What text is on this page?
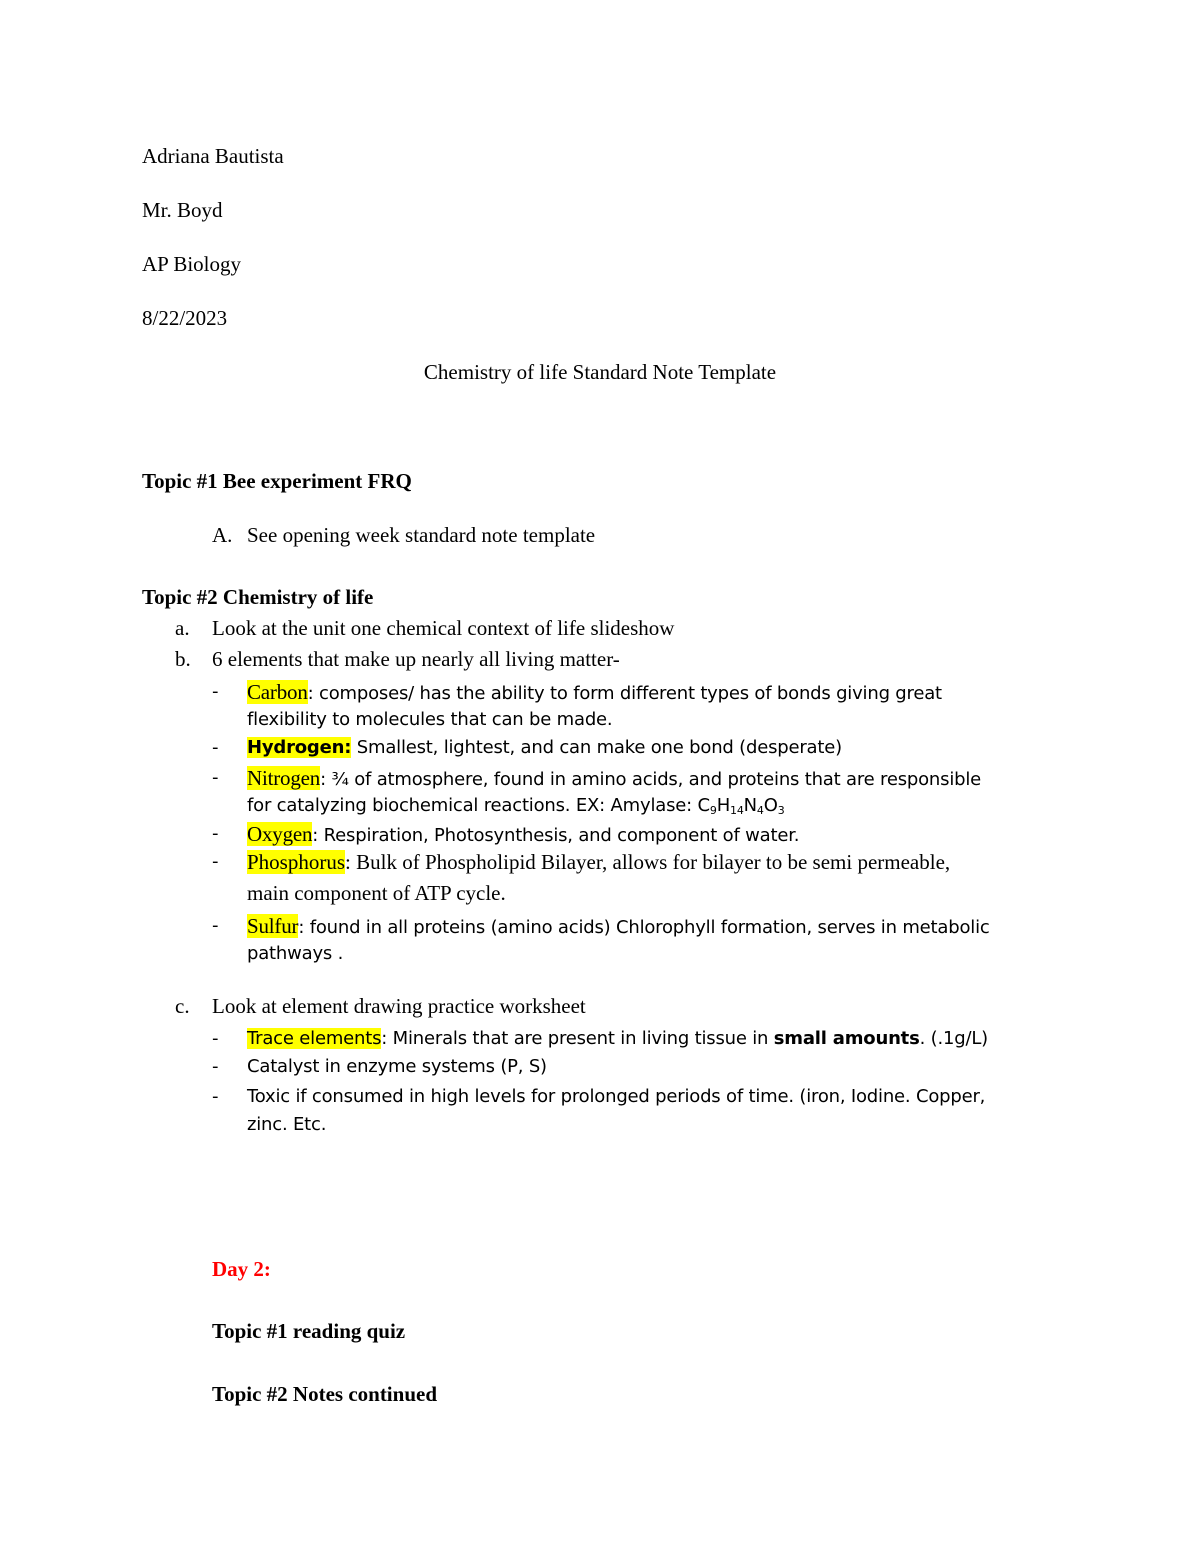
Adriana Bautista
Mr. Boyd
AP Biology
8/22/2023
Chemistry of life Standard Note Template
Topic #1 Bee experiment FRQ
A. See opening week standard note template
Topic #2 Chemistry of life
a. Look at the unit one chemical context of life slideshow
b. 6 elements that make up nearly all living matter-
- Carbon: composes/ has the ability to form different types of bonds giving great
flexibility to molecules that can be made.
- Hydrogen: Smallest, lightest, and can make one bond (desperate)
- Nitrogen: ¾ of atmosphere, found in amino acids, and proteins that are responsible
for catalyzing biochemical reactions. EX: Amylase: $C_9H_{14}N_4O_3$
- Oxygen: Respiration, Photosynthesis, and component of water.
- Phosphorus: Bulk of Phospholipid Bilayer, allows for bilayer to be semi permeable,
main component of ATP cycle.
- Sulfur: found in all proteins (amino acids) Chlorophyll formation, serves in metabolic
pathways .
c. Look at element drawing practice worksheet
- Trace elements: Minerals that are present in living tissue in small amounts. (.1g/L)
- Catalyst in enzyme systems (P, S)
- Toxic if consumed in high levels for prolonged periods of time. (iron, Iodine. Copper,
zinc. Etc.
Day 2:
Topic #1 reading quiz
Topic #2 Notes continued
